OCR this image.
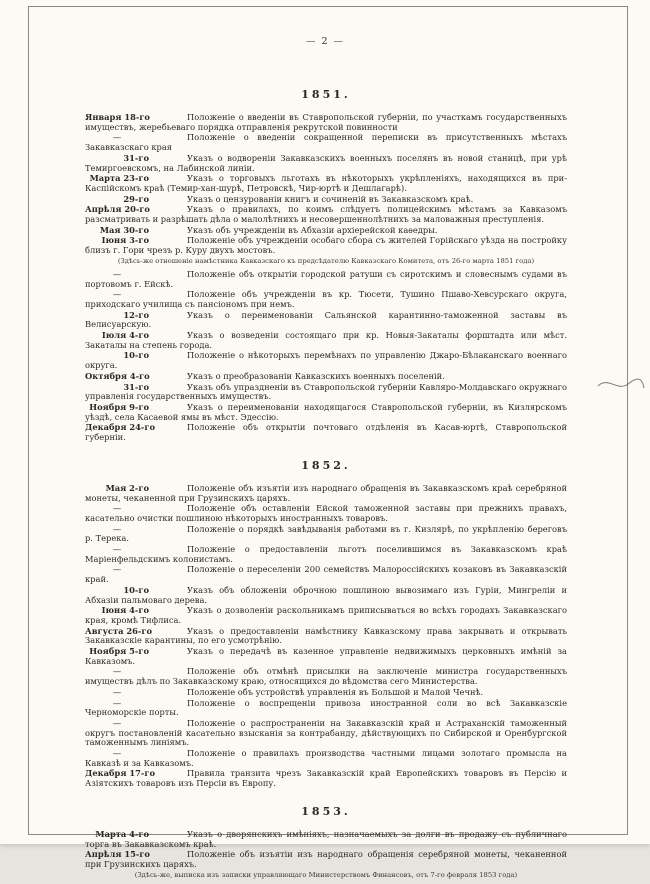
— 2 —
1851.

Января 18-го	Положеніе о введеніи въ Ставропольской губерніи, по участкамъ государственныхъ имуществъ, жеребьеваго порядка отправленія рекрутской повинности

—	Положеніе о введеніи сокращенной переписки въ присутственныхъ мѣстахъ Закавказскаго края

31-го	Указъ о водвореніи Закавказскихъ военныхъ поселянъ въ новой станицѣ, при урѣ Темиргоевскомъ, на Лабинской линіи.

Марта 23-го	Указъ о торговыхъ льготахъ въ нѣкоторыхъ укрѣпленіяхъ, находящихся въ при-Каспійскомъ краѣ (Темир-хан-шурѣ, Петровскѣ, Чир-юртѣ и Дешлагарѣ).

29-го	Указъ о цензурованіи книгъ и сочиненій въ Закавказскомъ краѣ.

Апрѣля 20-го	Указъ о правилахъ, по коимъ слѣдуетъ полицейскимъ мѣстамъ за Кавказомъ разсматривать и разрѣшать дѣла о малолѣтнихъ и несовершеннолѣтнихъ за маловажныя преступленія.

Мая 30-го	Указъ объ учрежденіи въ Абхазіи архіерейской каѳедры.

Іюня 3-го	Положеніе объ учрежденіи особаго сбора съ жителей Горійскаго уѣзда на постройку близъ г. Гори чрезъ р. Куру двухъ мостовъ.

(Здѣсь-же отношеніе намѣстника Кавказскаго къ предсѣдателю Кавказскаго Комитета, отъ 26-го марта 1851 года)

—	Положеніе объ открытіи городской ратуши съ сиротскимъ и словеснымъ судами въ портовомъ г. Ейскѣ.

—	Положеніе объ учрежденіи въ кр. Тюсети, Тушино Пшаво-Хевсурскаго округа, приходскаго училища съ пансіономъ при немъ.

12-го	Указъ о переименованіи Сальянской карантинно-таможенной заставы въ Велисуарскую.

Іюля 4-го	Указъ о возведеніи состоящаго при кр. Новыя-Закаталы форштадта или мѣст. Закаталы на степень города.

10-го	Положеніе о нѣкоторыхъ перемѣнахъ по управленію Джаро-Бѣлаканскаго военнаго округа.

Октября 4-го	Указъ о преобразованіи Кавказскихъ военныхъ поселеній.

31-го	Указъ объ упраздненіи въ Ставропольской губерніи Кавляро-Молдавскаго окружнаго управленія государственныхъ имуществъ.

Ноября 9-го	Указъ о переименованіи находящагося Ставропольской губерніи, въ Кизлярскомъ уѣздѣ, села Касаевой ямы въ мѣст. Эдессію.

Декабря 24-го	Положеніе объ открытіи почтоваго отдѣленія въ Касав-юртѣ, Ставропольской губерніи.

1852.

Мая 2-го	Положеніе объ изъятіи изъ народнаго обращенія въ Закавказскомъ краѣ серебряной монеты, чеканенной при Грузинскихъ царяхъ.

—	Положеніе объ оставленіи Ейской таможенной заставы при прежнихъ правахъ, касательно очистки пошлиною нѣкоторыхъ иностранныхъ товаровъ.

—	Положеніе о порядкѣ завѣдыванія работами въ г. Кизлярѣ, по укрѣпленію береговъ р. Терека.

—	Положеніе о предоставленіи льготъ поселившимся въ Закавказскомъ краѣ Маріенфельдскимъ колонистамъ.

—	Положеніе о переселеніи 200 семействъ Малороссійскихъ козаковъ въ Закавказскій край.

10-го	Указъ объ обложеніи оброчною пошлиною вывозимаго изъ Гуріи, Мингреліи и Абхазіи пальмоваго дерева.

Іюня 4-го	Указъ о дозволеніи раскольникамъ приписываться во всѣхъ городахъ Закавказскаго края, кромѣ Тифлиса.

Августа 26-го	Указъ о предоставленіи намѣстнику Кавказскому права закрывать и открывать Закавказскіе карантины, по его усмотрѣнію.

Ноября 5-го	Указъ о передачѣ въ казенное управленіе недвижимыхъ церковныхъ имѣній за Кавказомъ.

—	Положеніе объ отмѣнѣ присылки на заключеніе министра государственныхъ имуществъ дѣлъ по Закавказскому краю, относящихся до вѣдомства сего Министерства.

—	Положеніе объ устройствѣ управленія въ Большой и Малой Чечнѣ.

—	Положеніе о воспрещеніи привоза иностранной соли во всѣ Закавказскіе Черноморскіе порты.

—	Положеніе о распространеніи на Закавказскій край и Астраханскій таможенный округъ постановленій касательно взысканія за контрабанду, дѣйствующихъ по Сибирской и Оренбургской таможеннымъ линіямъ.

—	Положеніе о правилахъ производства частными лицами золотаго промысла на Кавказѣ и за Кавказомъ.

Декабря 17-го	Правила транзита чрезъ Закавказскій край Европейскихъ товаровъ въ Персію и Азіятскихъ товаровъ изъ Персіи въ Европу.

1853.

Марта 4-го	Указъ о дворянскихъ имѣніяхъ, назначаемыхъ за долги въ продажу съ публичнаго торга въ Закавказскомъ краѣ.

Апрѣля 15-го	Положеніе объ изъятіи изъ народнаго обращенія серебряной монеты, чеканенной при Грузинскихъ царяхъ.

(Здѣсь-же, выписка изъ записки управляющаго Министерствомъ Финансовъ, отъ 7-го февраля 1853 года)
